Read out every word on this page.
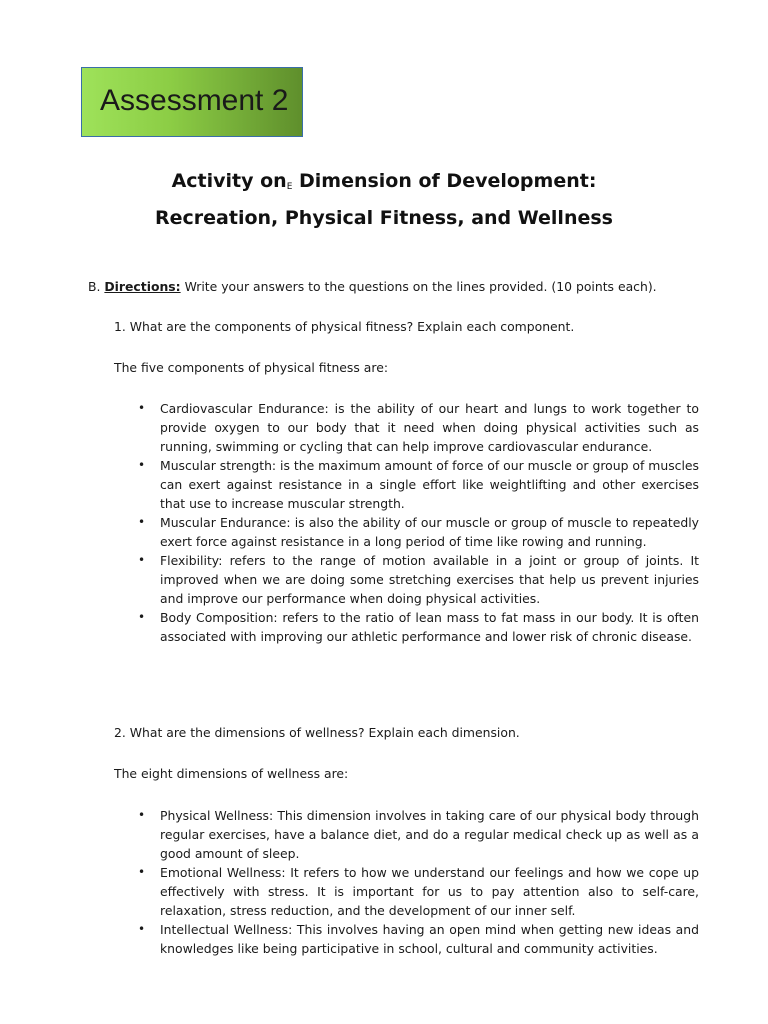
Assessment 2
Activity $on_E$ Dimension of Development:
Recreation, Physical Fitness, and Wellness
B. Directions: Write your answers to the questions on the lines provided. (10 points each).
1. What are the components of physical fitness? Explain each component.
The five components of physical fitness are:
• Cardiovascular Endurance: is the ability of our heart and lungs to work together to provide oxygen to our body that it need when doing physical activities such as running, swimming or cycling that can help improve cardiovascular endurance.
• Muscular strength: is the maximum amount of force of our muscle or group of muscles can exert against resistance in a single effort like weightlifting and other exercises that use to increase muscular strength.
• Muscular Endurance: is also the ability of our muscle or group of muscle to repeatedly exert force against resistance in a long period of time like rowing and running.
• Flexibility: refers to the range of motion available in a joint or group of joints. It improved when we are doing some stretching exercises that help us prevent injuries and improve our performance when doing physical activities.
• Body Composition: refers to the ratio of lean mass to fat mass in our body. It is often associated with improving our athletic performance and lower risk of chronic disease.
2. What are the dimensions of wellness? Explain each dimension.
The eight dimensions of wellness are:
• Physical Wellness: This dimension involves in taking care of our physical body through regular exercises, have a balance diet, and do a regular medical check up as well as a good amount of sleep.
• Emotional Wellness: It refers to how we understand our feelings and how we cope up effectively with stress. It is important for us to pay attention also to self-care, relaxation, stress reduction, and the development of our inner self.
• Intellectual Wellness: This involves having an open mind when getting new ideas and knowledges like being participative in school, cultural and community activities.
